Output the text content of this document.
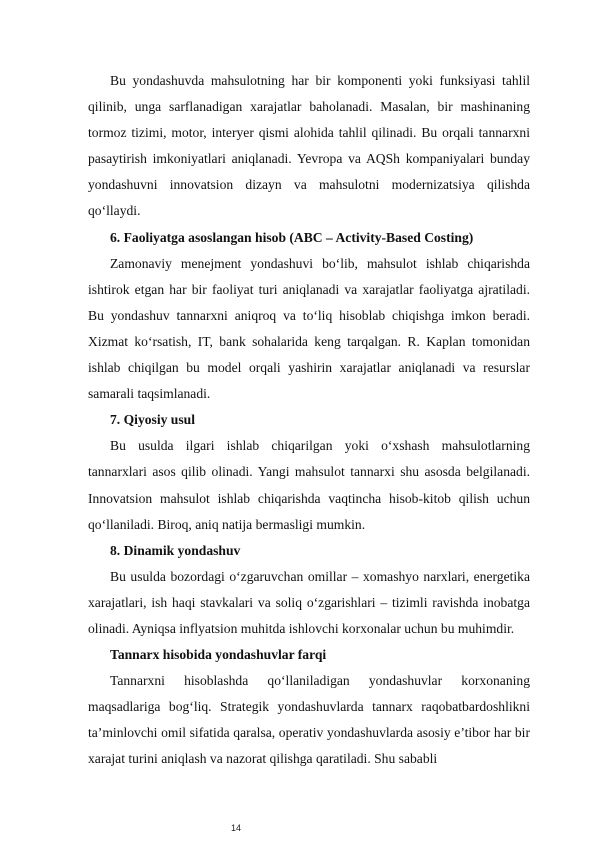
Bu yondashuvda mahsulotning har bir komponenti yoki funksiyasi tahlil qilinib, unga sarflanadigan xarajatlar baholanadi. Masalan, bir mashinaning tormoz tizimi, motor, interyer qismi alohida tahlil qilinadi. Bu orqali tannarxni pasaytirish imkoniyatlari aniqlanadi. Yevropa va AQSh kompaniyalari bunday yondashuvni innovatsion dizayn va mahsulotni modernizatsiya qilishda qo‘llaydi.

6. Faoliyatga asoslangan hisob (ABC – Activity-Based Costing)

Zamonaviy menejment yondashuvi bo‘lib, mahsulot ishlab chiqarishda ishtirok etgan har bir faoliyat turi aniqlanadi va xarajatlar faoliyatga ajratiladi. Bu yondashuv tannarxni aniqroq va to‘liq hisoblab chiqishga imkon beradi. Xizmat ko‘rsatish, IT, bank sohalarida keng tarqalgan. R. Kaplan tomonidan ishlab chiqilgan bu model orqali yashirin xarajatlar aniqlanadi va resurslar samarali taqsimlanadi.

7. Qiyosiy usul

Bu usulda ilgari ishlab chiqarilgan yoki o‘xshash mahsulotlarning tannarxlari asos qilib olinadi. Yangi mahsulot tannarxi shu asosda belgilanadi. Innovatsion mahsulot ishlab chiqarishda vaqtincha hisob-kitob qilish uchun qo‘llaniladi. Biroq, aniq natija bermasligi mumkin.

8. Dinamik yondashuv

Bu usulda bozordagi o‘zgaruvchan omillar – xomashyo narxlari, energetika xarajatlari, ish haqi stavkalari va soliq o‘zgarishlari – tizimli ravishda inobatga olinadi. Ayniqsa inflyatsion muhitda ishlovchi korxonalar uchun bu muhimdir.

Tannarx hisobida yondashuvlar farqi

Tannarxni hisoblashda qo‘llaniladigan yondashuvlar korxonaning maqsadlariga bog‘liq. Strategik yondashuvlarda tannarx raqobatbardoshlikni ta’minlovchi omil sifatida qaralsa, operativ yondashuvlarda asosiy e’tibor har bir xarajat turini aniqlash va nazorat qilishga qaratiladi. Shu sababli

14
